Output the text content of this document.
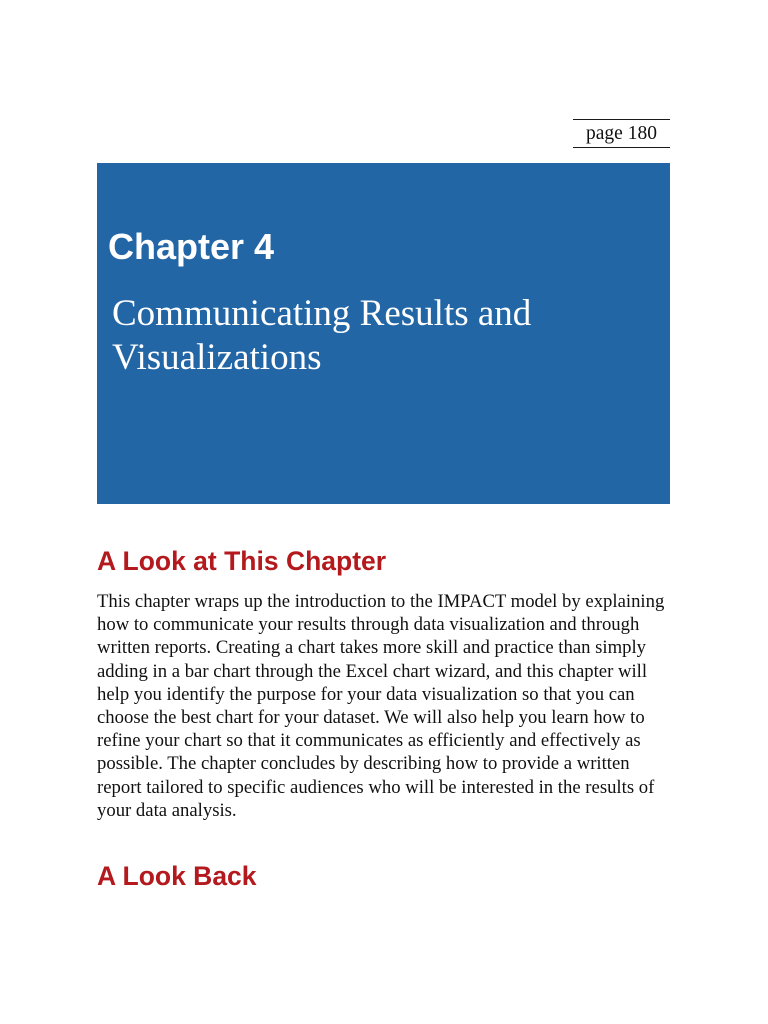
page 180
Chapter 4
Communicating Results and Visualizations
A Look at This Chapter
This chapter wraps up the introduction to the IMPACT model by explaining
how to communicate your results through data visualization and through
written reports. Creating a chart takes more skill and practice than simply
adding in a bar chart through the Excel chart wizard, and this chapter will
help you identify the purpose for your data visualization so that you can
choose the best chart for your dataset. We will also help you learn how to
refine your chart so that it communicates as efficiently and effectively as
possible. The chapter concludes by describing how to provide a written
report tailored to specific audiences who will be interested in the results of
your data analysis.
A Look Back
